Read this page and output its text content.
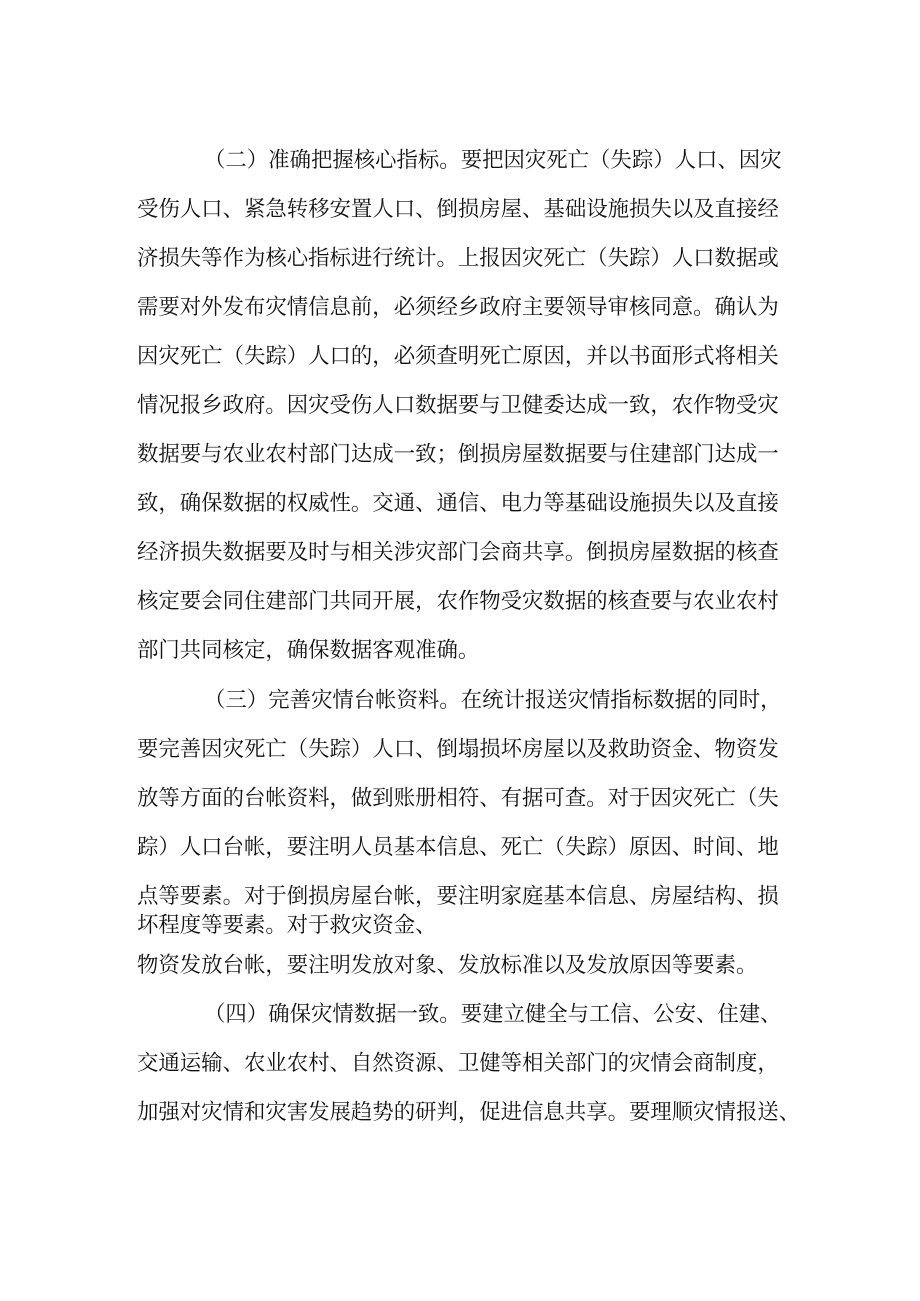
（二）准确把握核心指标。要把因灾死亡（失踪）人口、因灾

受伤人口、紧急转移安置人口、倒损房屋、基础设施损失以及直接经

济损失等作为核心指标进行统计。上报因灾死亡（失踪）人口数据或

需要对外发布灾情信息前，必须经乡政府主要领导审核同意。确认为

因灾死亡（失踪）人口的，必须查明死亡原因，并以书面形式将相关

情况报乡政府。因灾受伤人口数据要与卫健委达成一致，农作物受灾

数据要与农业农村部门达成一致；倒损房屋数据要与住建部门达成一

致，确保数据的权威性。交通、通信、电力等基础设施损失以及直接

经济损失数据要及时与相关涉灾部门会商共享。倒损房屋数据的核查

核定要会同住建部门共同开展，农作物受灾数据的核查要与农业农村

部门共同核定，确保数据客观准确。

（三）完善灾情台帐资料。在统计报送灾情指标数据的同时，

要完善因灾死亡（失踪）人口、倒塌损坏房屋以及救助资金、物资发

放等方面的台帐资料，做到账册相符、有据可查。对于因灾死亡（失

踪）人口台帐，要注明人员基本信息、死亡（失踪）原因、时间、地

点等要素。对于倒损房屋台帐，要注明家庭基本信息、房屋结构、损

坏程度等要素。对于救灾资金、

物资发放台帐，要注明发放对象、发放标准以及发放原因等要素。

（四）确保灾情数据一致。要建立健全与工信、公安、住建、

交通运输、农业农村、自然资源、卫健等相关部门的灾情会商制度，

加强对灾情和灾害发展趋势的研判，促进信息共享。要理顺灾情报送、
